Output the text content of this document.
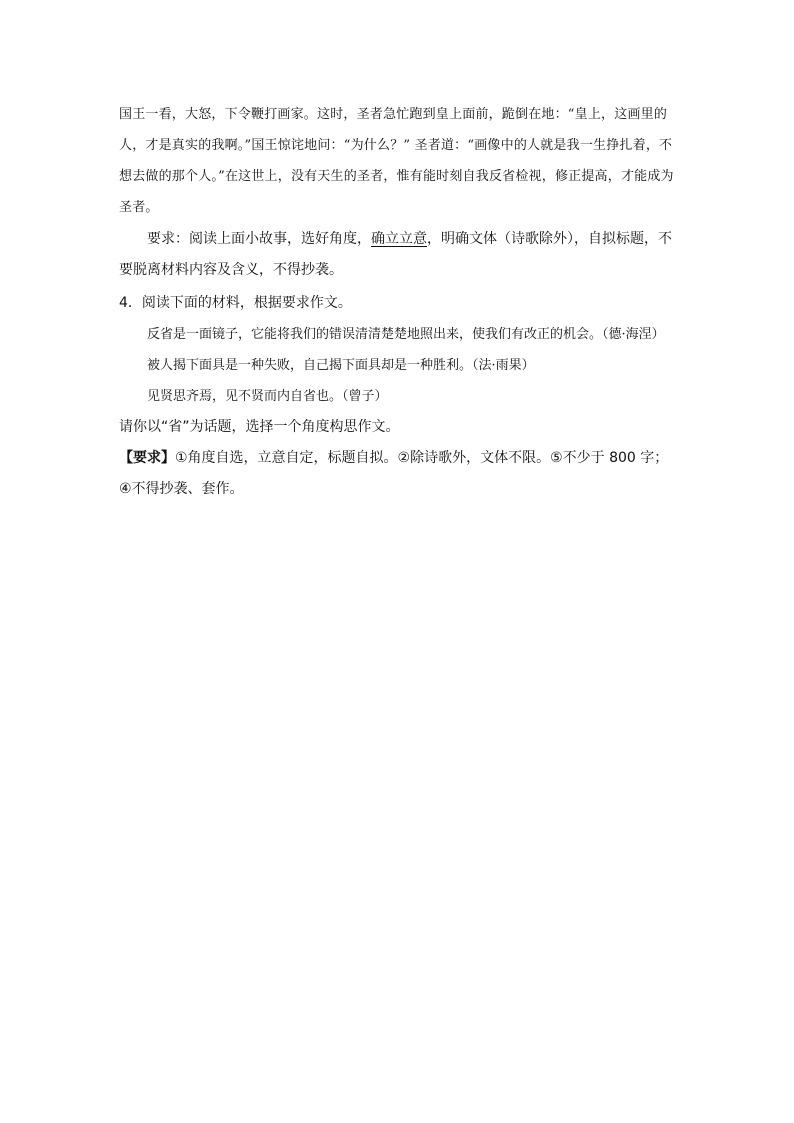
国王一看，大怒，下令鞭打画家。这时，圣者急忙跑到皇上面前，跪倒在地：“皇上，这画里的人，才是真实的我啊。”国王惊诧地问：“为什么？” 圣者道：“画像中的人就是我一生挣扎着，不想去做的那个人。”在这世上，没有天生的圣者，惟有能时刻自我反省检视，修正提高，才能成为圣者。

要求：阅读上面小故事，选好角度，确立立意，明确文体（诗歌除外），自拟标题，不要脱离材料内容及含义，不得抄袭。

4．阅读下面的材料，根据要求作文。

反省是一面镜子，它能将我们的错误清清楚楚地照出来，使我们有改正的机会。（德·海涅）

被人揭下面具是一种失败，自己揭下面具却是一种胜利。（法·雨果）

见贤思齐焉，见不贤而内自省也。（曾子）

请你以“省”为话题，选择一个角度构思作文。

【要求】①角度自选，立意自定，标题自拟。②除诗歌外，文体不限。⑤不少于 800 字；④不得抄袭、套作。
